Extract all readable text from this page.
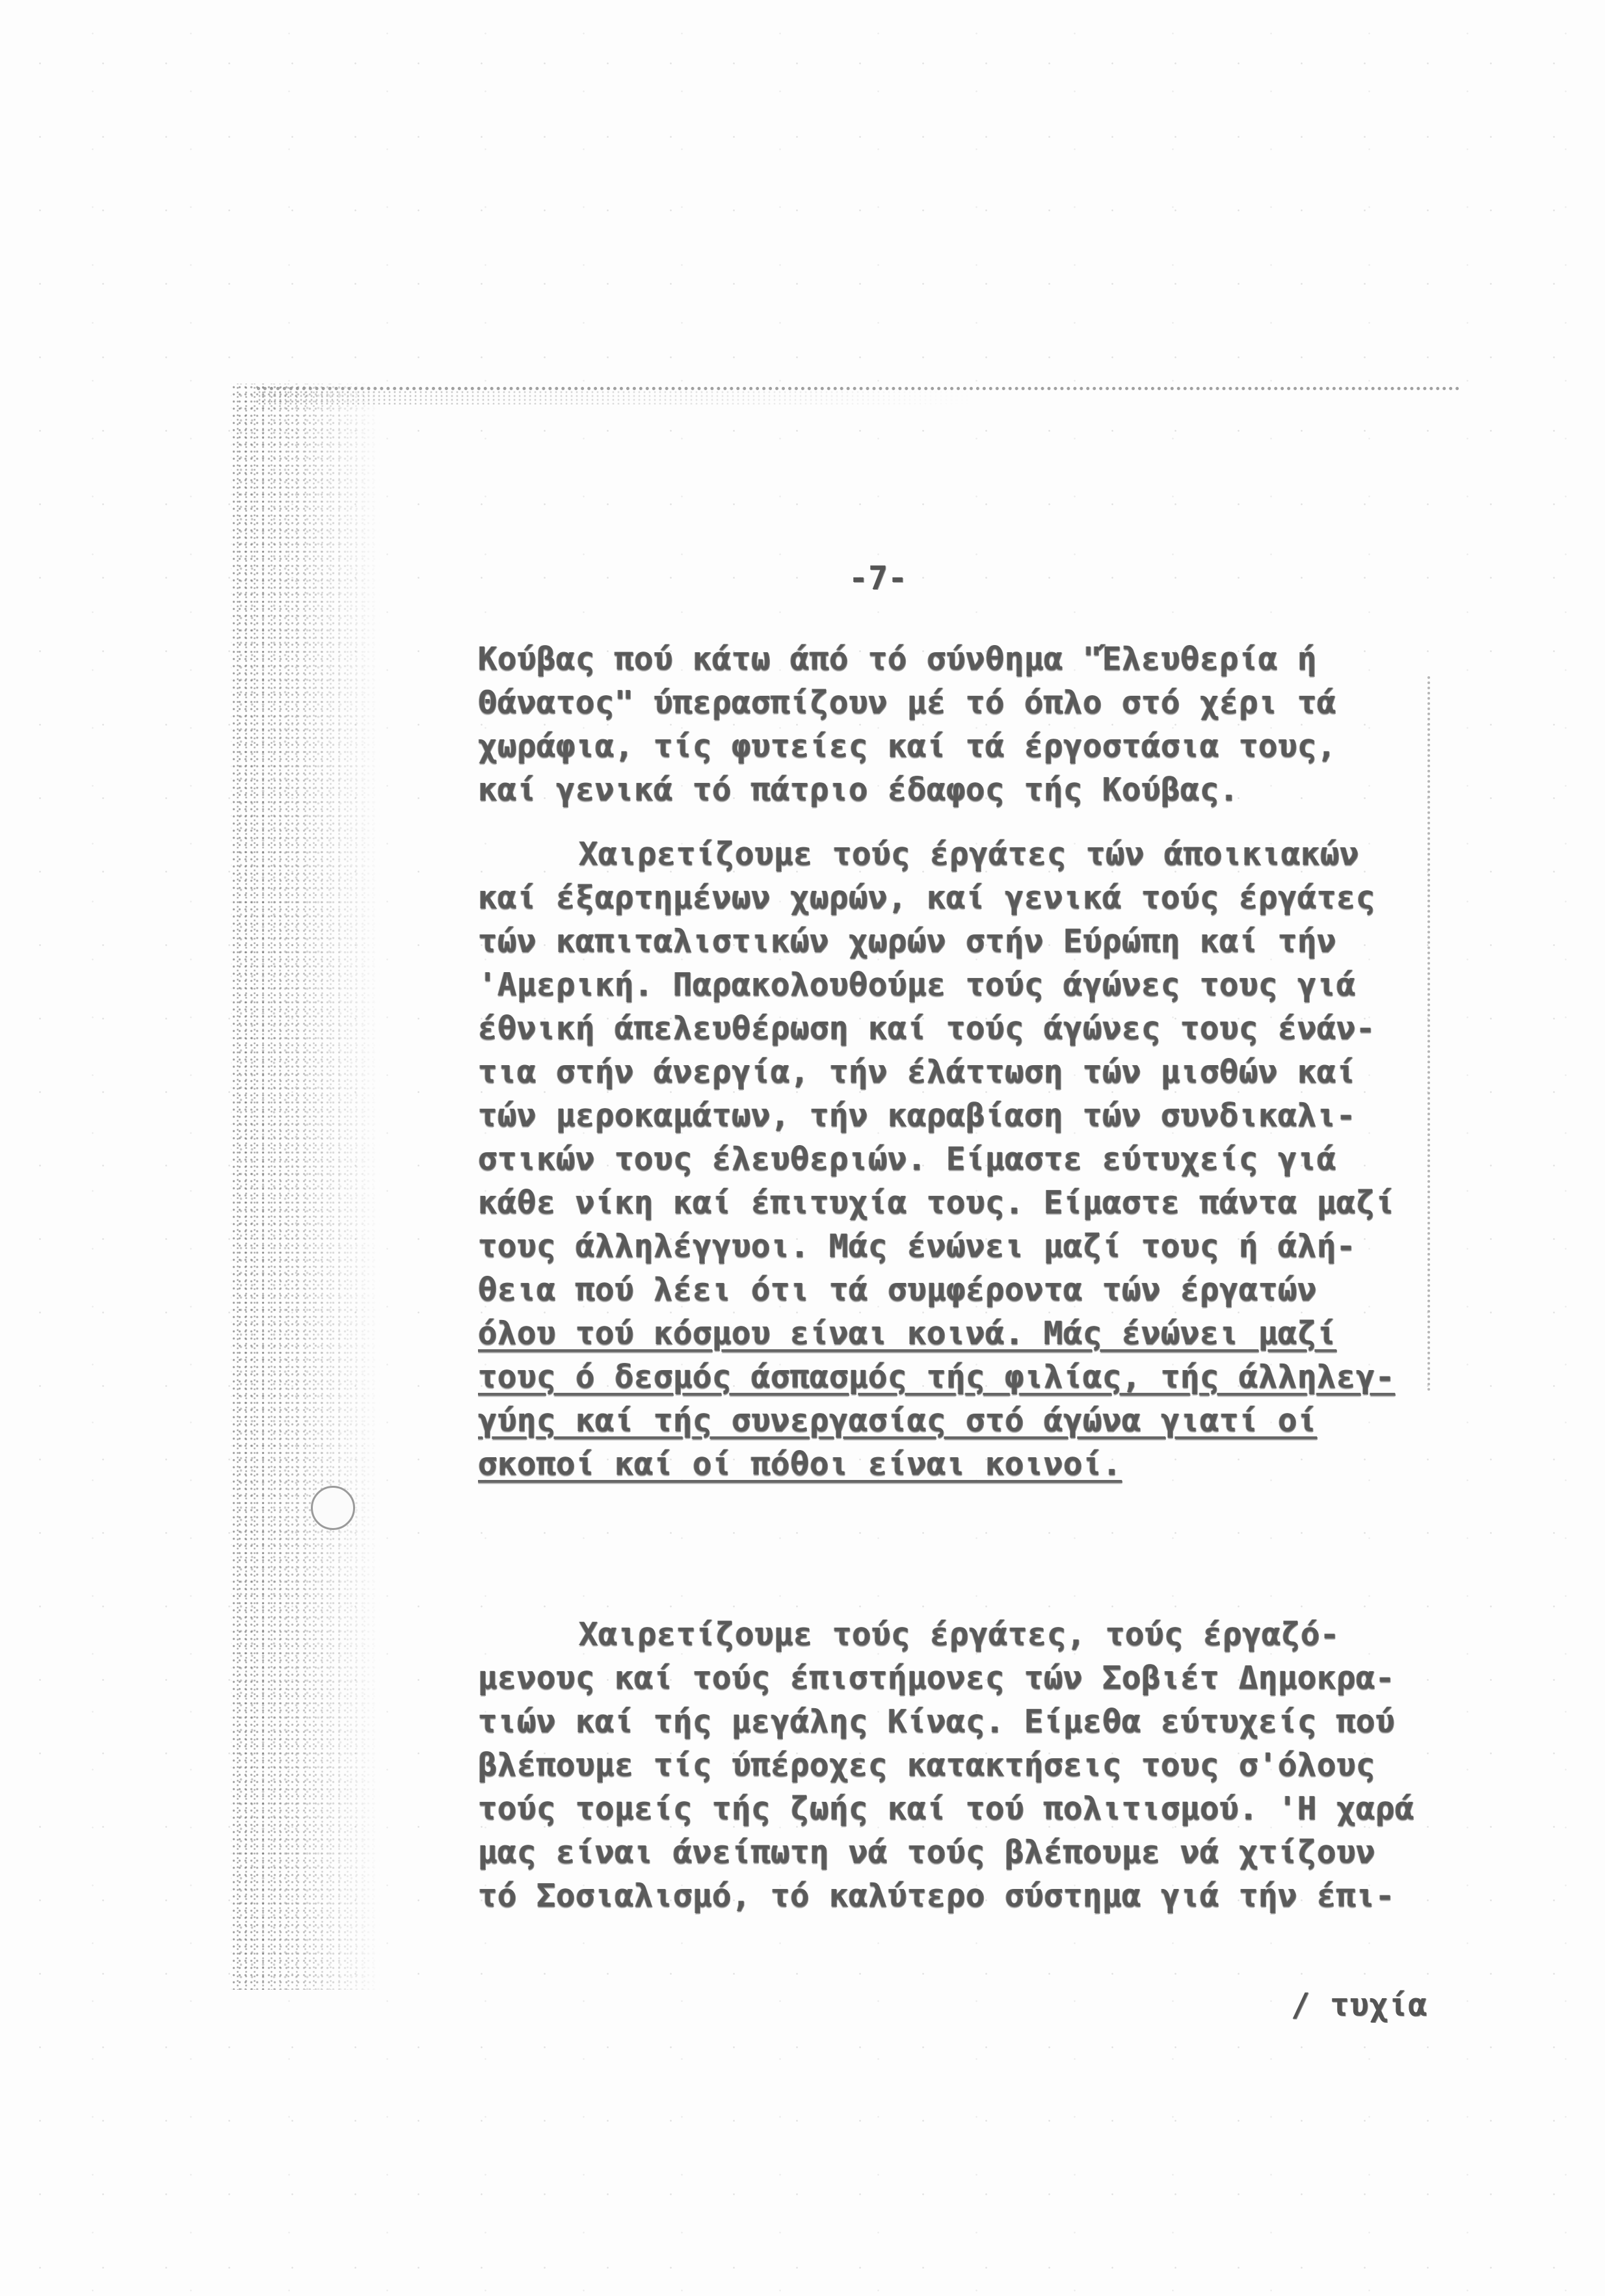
-7-
Κούβας πού κάτω άπό τό σύνθημα "Έλευθερία ή
Θάνατος" ύπερασπίζουν μέ τό όπλο στό χέρι τά
χωράφια, τίς φυτείες καί τά έργοστάσια τους,
καί γενικά τό πάτριο έδαφος τής Κούβας.
Χαιρετίζουμε τούς έργάτες τών άποικιακών
καί έξαρτημένων χωρών, καί γενικά τούς έργάτες
τών καπιταλιστικών χωρών στήν Εύρώπη καί τήν
'Αμερική. Παρακολουθούμε τούς άγώνες τους γιά
έθνική άπελευθέρωση καί τούς άγώνες τους ένάν-
τια στήν άνεργία, τήν έλάττωση τών μισθών καί
τών μεροκαμάτων, τήν καραβίαση τών συνδικαλι-
στικών τους έλευθεριών. Είμαστε εύτυχείς γιά
κάθε νίκη καί έπιτυχία τους. Είμαστε πάντα μαζί
τους άλληλέγγυοι. Μάς ένώνει μαζί τους ή άλή-
θεια πού λέει ότι τά συμφέροντα τών έργατών
όλου τού κόσμου είναι κοινά. Μάς ένώνει μαζί
τους ό δεσμός άσπασμός τής φιλίας, τής άλληλεγ-
γύης καί τής συνεργασίας στό άγώνα γιατί οί
σκοποί καί οί πόθοι είναι κοινοί.
Χαιρετίζουμε τούς έργάτες, τούς έργαζό-
μενους καί τούς έπιστήμονες τών Σοβιέτ Δημοκρα-
τιών καί τής μεγάλης Κίνας. Είμεθα εύτυχείς πού
βλέπουμε τίς ύπέροχες κατακτήσεις τους σ'όλους
τούς τομείς τής ζωής καί τού πολιτισμού. 'Η χαρά
μας είναι άνείπωτη νά τούς βλέπουμε νά χτίζουν
τό Σοσιαλισμό, τό καλύτερο σύστημα γιά τήν έπι-
/ τυχία
